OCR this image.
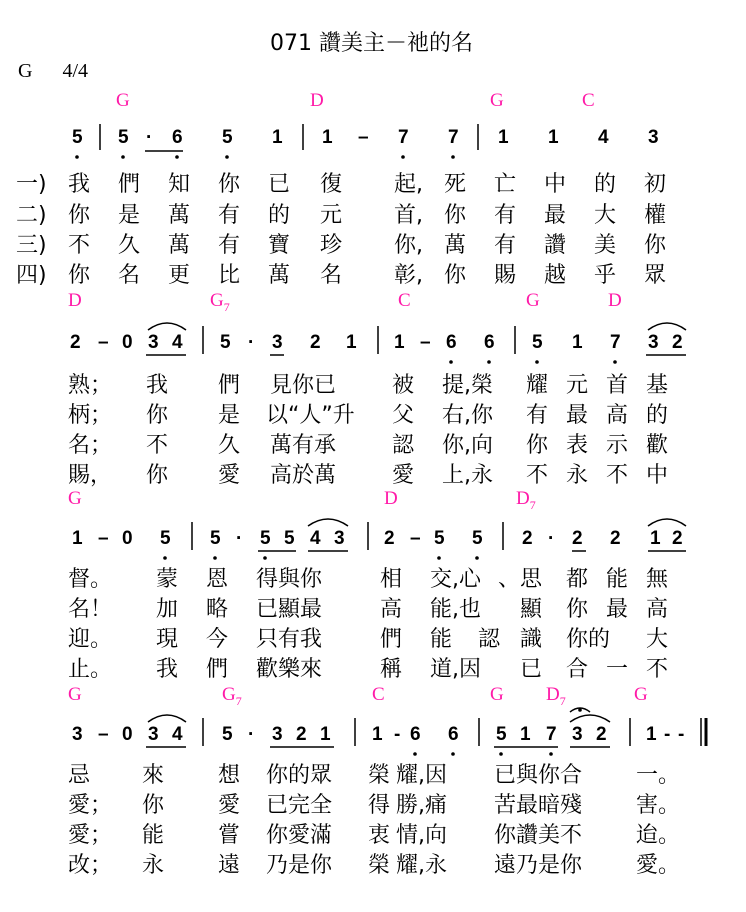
071 讚美主－祂的名
G 4/4
一)
二)
三)
四)
G	D	G	C
5 5 · 6 5 1 1 – 7 7 1 1 4 3
我 們 知 你 已 復 起, 死 亡 中 的 初
你 是 萬 有 的 元 首, 你 有 最 大 權
不 久 萬 有 寶 珍 你, 萬 有 讚 美 你
你 名 更 比 萬 名 彰, 你 賜 越 乎 眾
D	$G_7$	C	G	D
2 – 0 3 4 5 · 3 2 1 1 – 6 6 5 1 7 3 2
熟； 我 們 見你已	被 提,榮 耀 元 首 基
柄； 你 是 以“人”升 父 右,你 有 最 高 的
名； 不 久 萬有承	認 你,向 你 表 示 歡
賜， 你 愛 高於萬	愛 上,永 不 永 不 中
G	D	$D_7$
1 – 0 5 5 · 5 5 4 3 2 – 5 5 2 · 2 2 1 2
督。 蒙 恩 得與你	相 交,心 、思 都 能 無
名！ 加 略 已顯最	高 能,也 顯 你 最 高
迎。 現 今 只有我	們 能 認 識 你的 大
止。 我 們 歡樂來	稱 道,因 已 合 一 不
G	$G_7$	C	G $D_7$	G
3 – 0 3 4 5 · 3 2 1 1 - 6 6 5 1 7 3 2 1 - -
忌 來 想 你的眾 榮 耀,因 已與你合 一。
愛； 你 愛 已完全 得 勝,痛 苦最暗殘 害。
愛； 能 嘗 你愛滿 衷 情,向 你讚美不 迨。
改； 永 遠 乃是你 榮 耀,永 遠乃是你 愛。
